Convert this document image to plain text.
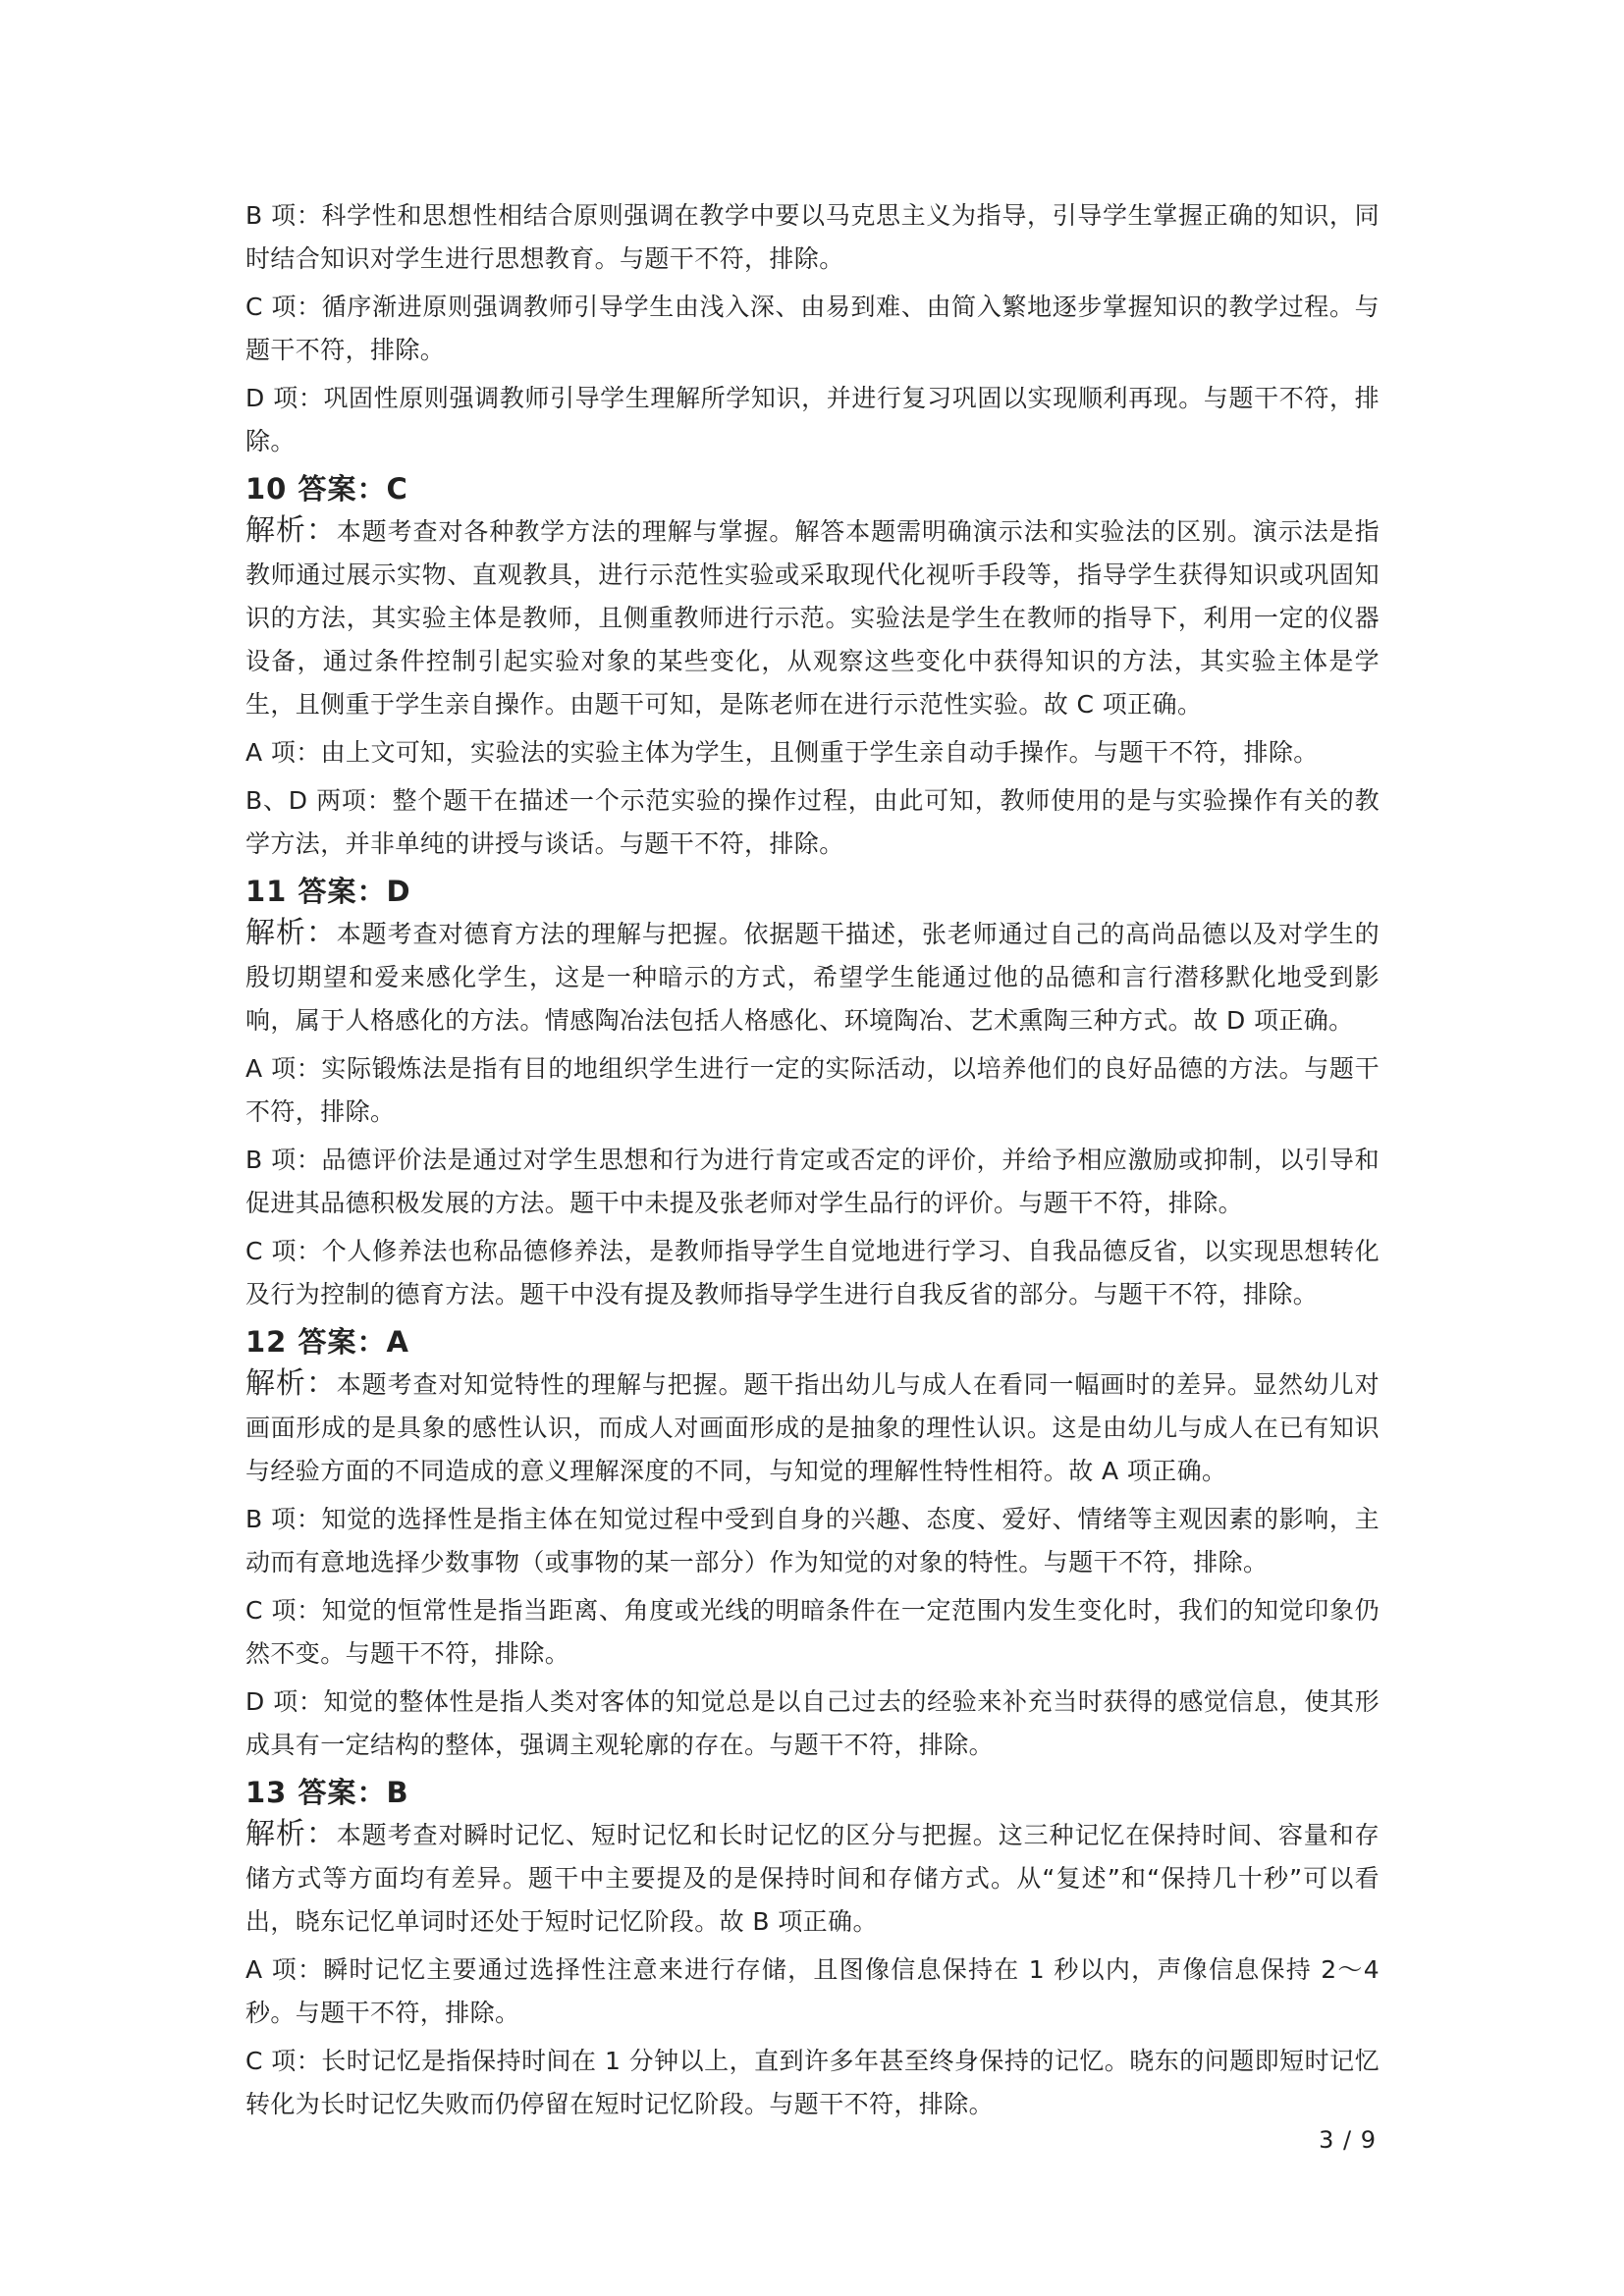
B 项：科学性和思想性相结合原则强调在教学中要以马克思主义为指导，引导学生掌握正确的知识，同时结合知识对学生进行思想教育。与题干不符，排除。

C 项：循序渐进原则强调教师引导学生由浅入深、由易到难、由简入繁地逐步掌握知识的教学过程。与题干不符，排除。

D 项：巩固性原则强调教师引导学生理解所学知识，并进行复习巩固以实现顺利再现。与题干不符，排除。

10 答案：C

解析：本题考查对各种教学方法的理解与掌握。解答本题需明确演示法和实验法的区别。演示法是指教师通过展示实物、直观教具，进行示范性实验或采取现代化视听手段等，指导学生获得知识或巩固知识的方法，其实验主体是教师，且侧重教师进行示范。实验法是学生在教师的指导下，利用一定的仪器设备，通过条件控制引起实验对象的某些变化，从观察这些变化中获得知识的方法，其实验主体是学生，且侧重于学生亲自操作。由题干可知，是陈老师在进行示范性实验。故 C 项正确。

A 项：由上文可知，实验法的实验主体为学生，且侧重于学生亲自动手操作。与题干不符，排除。

B、D 两项：整个题干在描述一个示范实验的操作过程，由此可知，教师使用的是与实验操作有关的教学方法，并非单纯的讲授与谈话。与题干不符，排除。

11 答案：D

解析：本题考查对德育方法的理解与把握。依据题干描述，张老师通过自己的高尚品德以及对学生的殷切期望和爱来感化学生，这是一种暗示的方式，希望学生能通过他的品德和言行潜移默化地受到影响，属于人格感化的方法。情感陶冶法包括人格感化、环境陶冶、艺术熏陶三种方式。故 D 项正确。

A 项：实际锻炼法是指有目的地组织学生进行一定的实际活动，以培养他们的良好品德的方法。与题干不符，排除。

B 项：品德评价法是通过对学生思想和行为进行肯定或否定的评价，并给予相应激励或抑制，以引导和促进其品德积极发展的方法。题干中未提及张老师对学生品行的评价。与题干不符，排除。

C 项：个人修养法也称品德修养法，是教师指导学生自觉地进行学习、自我品德反省，以实现思想转化及行为控制的德育方法。题干中没有提及教师指导学生进行自我反省的部分。与题干不符，排除。

12 答案：A

解析：本题考查对知觉特性的理解与把握。题干指出幼儿与成人在看同一幅画时的差异。显然幼儿对画面形成的是具象的感性认识，而成人对画面形成的是抽象的理性认识。这是由幼儿与成人在已有知识与经验方面的不同造成的意义理解深度的不同，与知觉的理解性特性相符。故 A 项正确。

B 项：知觉的选择性是指主体在知觉过程中受到自身的兴趣、态度、爱好、情绪等主观因素的影响，主动而有意地选择少数事物（或事物的某一部分）作为知觉的对象的特性。与题干不符，排除。

C 项：知觉的恒常性是指当距离、角度或光线的明暗条件在一定范围内发生变化时，我们的知觉印象仍然不变。与题干不符，排除。

D 项：知觉的整体性是指人类对客体的知觉总是以自己过去的经验来补充当时获得的感觉信息，使其形成具有一定结构的整体，强调主观轮廓的存在。与题干不符，排除。

13 答案：B

解析：本题考查对瞬时记忆、短时记忆和长时记忆的区分与把握。这三种记忆在保持时间、容量和存储方式等方面均有差异。题干中主要提及的是保持时间和存储方式。从“复述”和“保持几十秒”可以看出，晓东记忆单词时还处于短时记忆阶段。故 B 项正确。

A 项：瞬时记忆主要通过选择性注意来进行存储，且图像信息保持在 1 秒以内，声像信息保持 2～4 秒。与题干不符，排除。

C 项：长时记忆是指保持时间在 1 分钟以上，直到许多年甚至终身保持的记忆。晓东的问题即短时记忆转化为长时记忆失败而仍停留在短时记忆阶段。与题干不符，排除。

3 / 9
